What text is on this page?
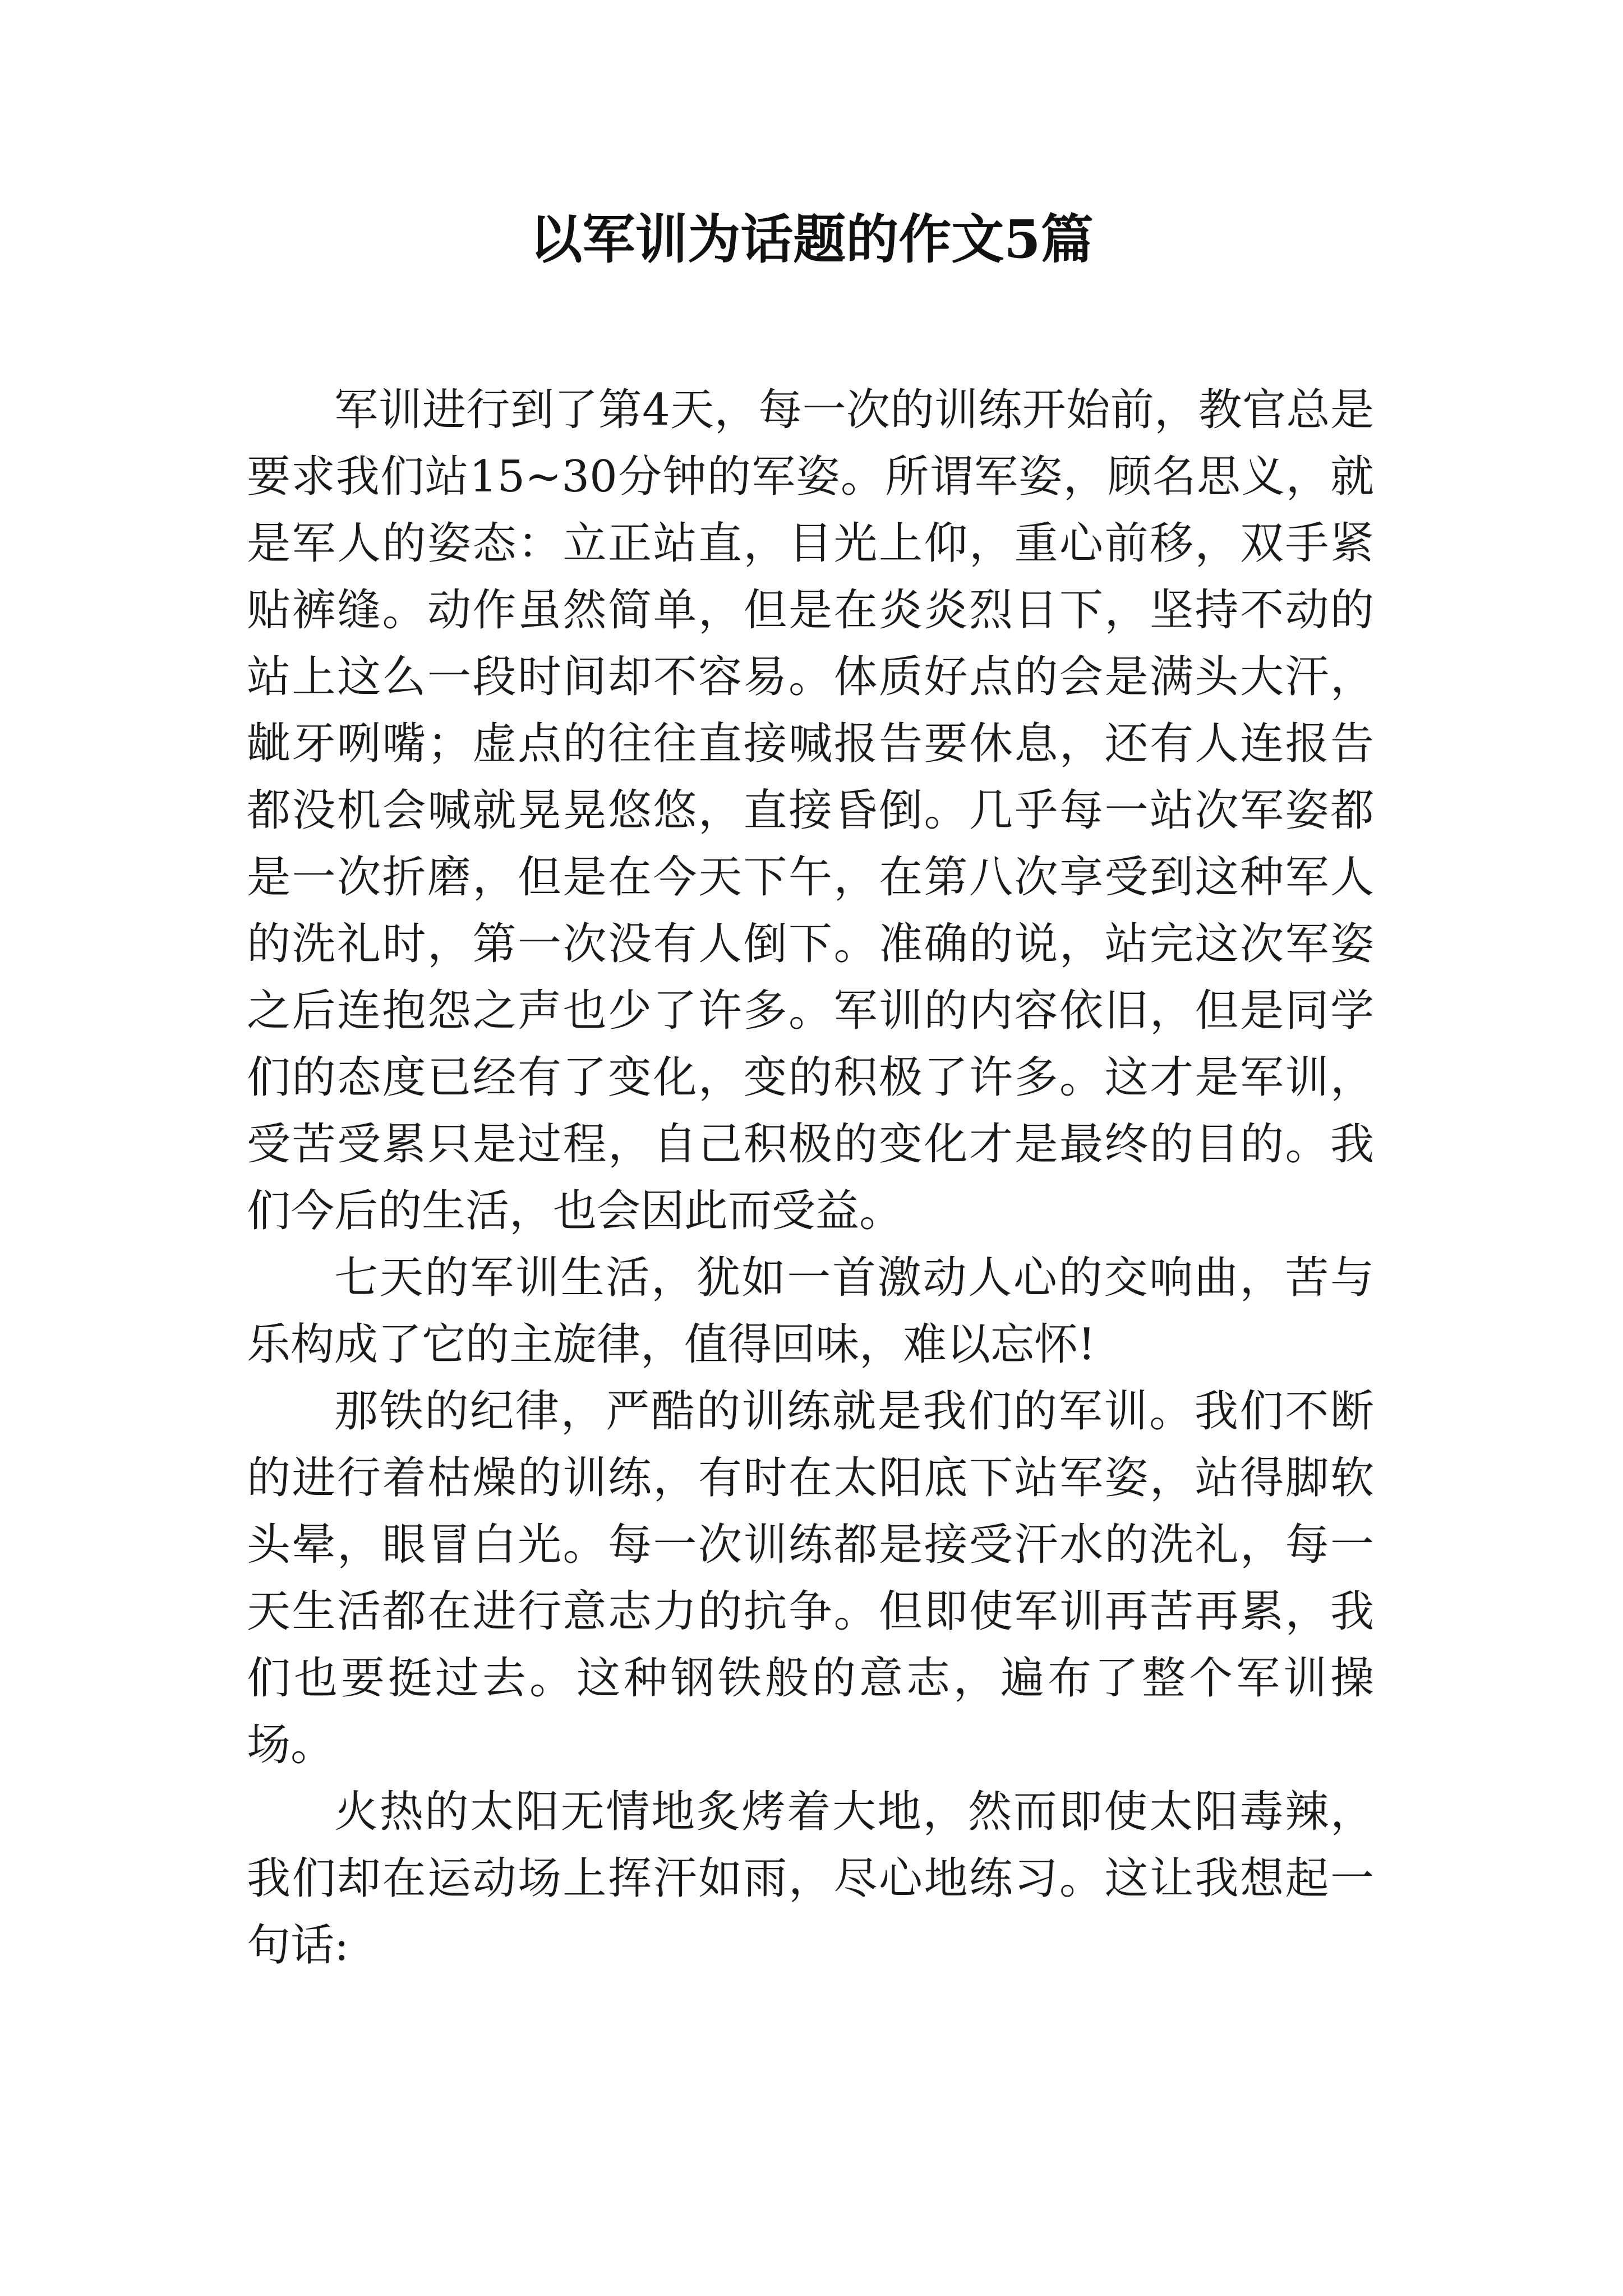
以军训为话题的作文5篇

军训进行到了第4天，每一次的训练开始前，教官总是要求我们站15~30分钟的军姿。所谓军姿，顾名思义，就是军人的姿态：立正站直，目光上仰，重心前移，双手紧贴裤缝。动作虽然简单，但是在炎炎烈日下，坚持不动的站上这么一段时间却不容易。体质好点的会是满头大汗，龇牙咧嘴；虚点的往往直接喊报告要休息，还有人连报告都没机会喊就晃晃悠悠，直接昏倒。几乎每一站次军姿都是一次折磨，但是在今天下午，在第八次享受到这种军人的洗礼时，第一次没有人倒下。准确的说，站完这次军姿之后连抱怨之声也少了许多。军训的内容依旧，但是同学们的态度已经有了变化，变的积极了许多。这才是军训，受苦受累只是过程，自己积极的变化才是最终的目的。我们今后的生活，也会因此而受益。

七天的军训生活，犹如一首激动人心的交响曲，苦与乐构成了它的主旋律，值得回味，难以忘怀!

那铁的纪律，严酷的训练就是我们的军训。我们不断的进行着枯燥的训练，有时在太阳底下站军姿，站得脚软头晕，眼冒白光。每一次训练都是接受汗水的洗礼，每一天生活都在进行意志力的抗争。但即使军训再苦再累，我们也要挺过去。这种钢铁般的意志，遍布了整个军训操场。

火热的太阳无情地炙烤着大地，然而即使太阳毒辣，我们却在运动场上挥汗如雨，尽心地练习。这让我想起一句话:
